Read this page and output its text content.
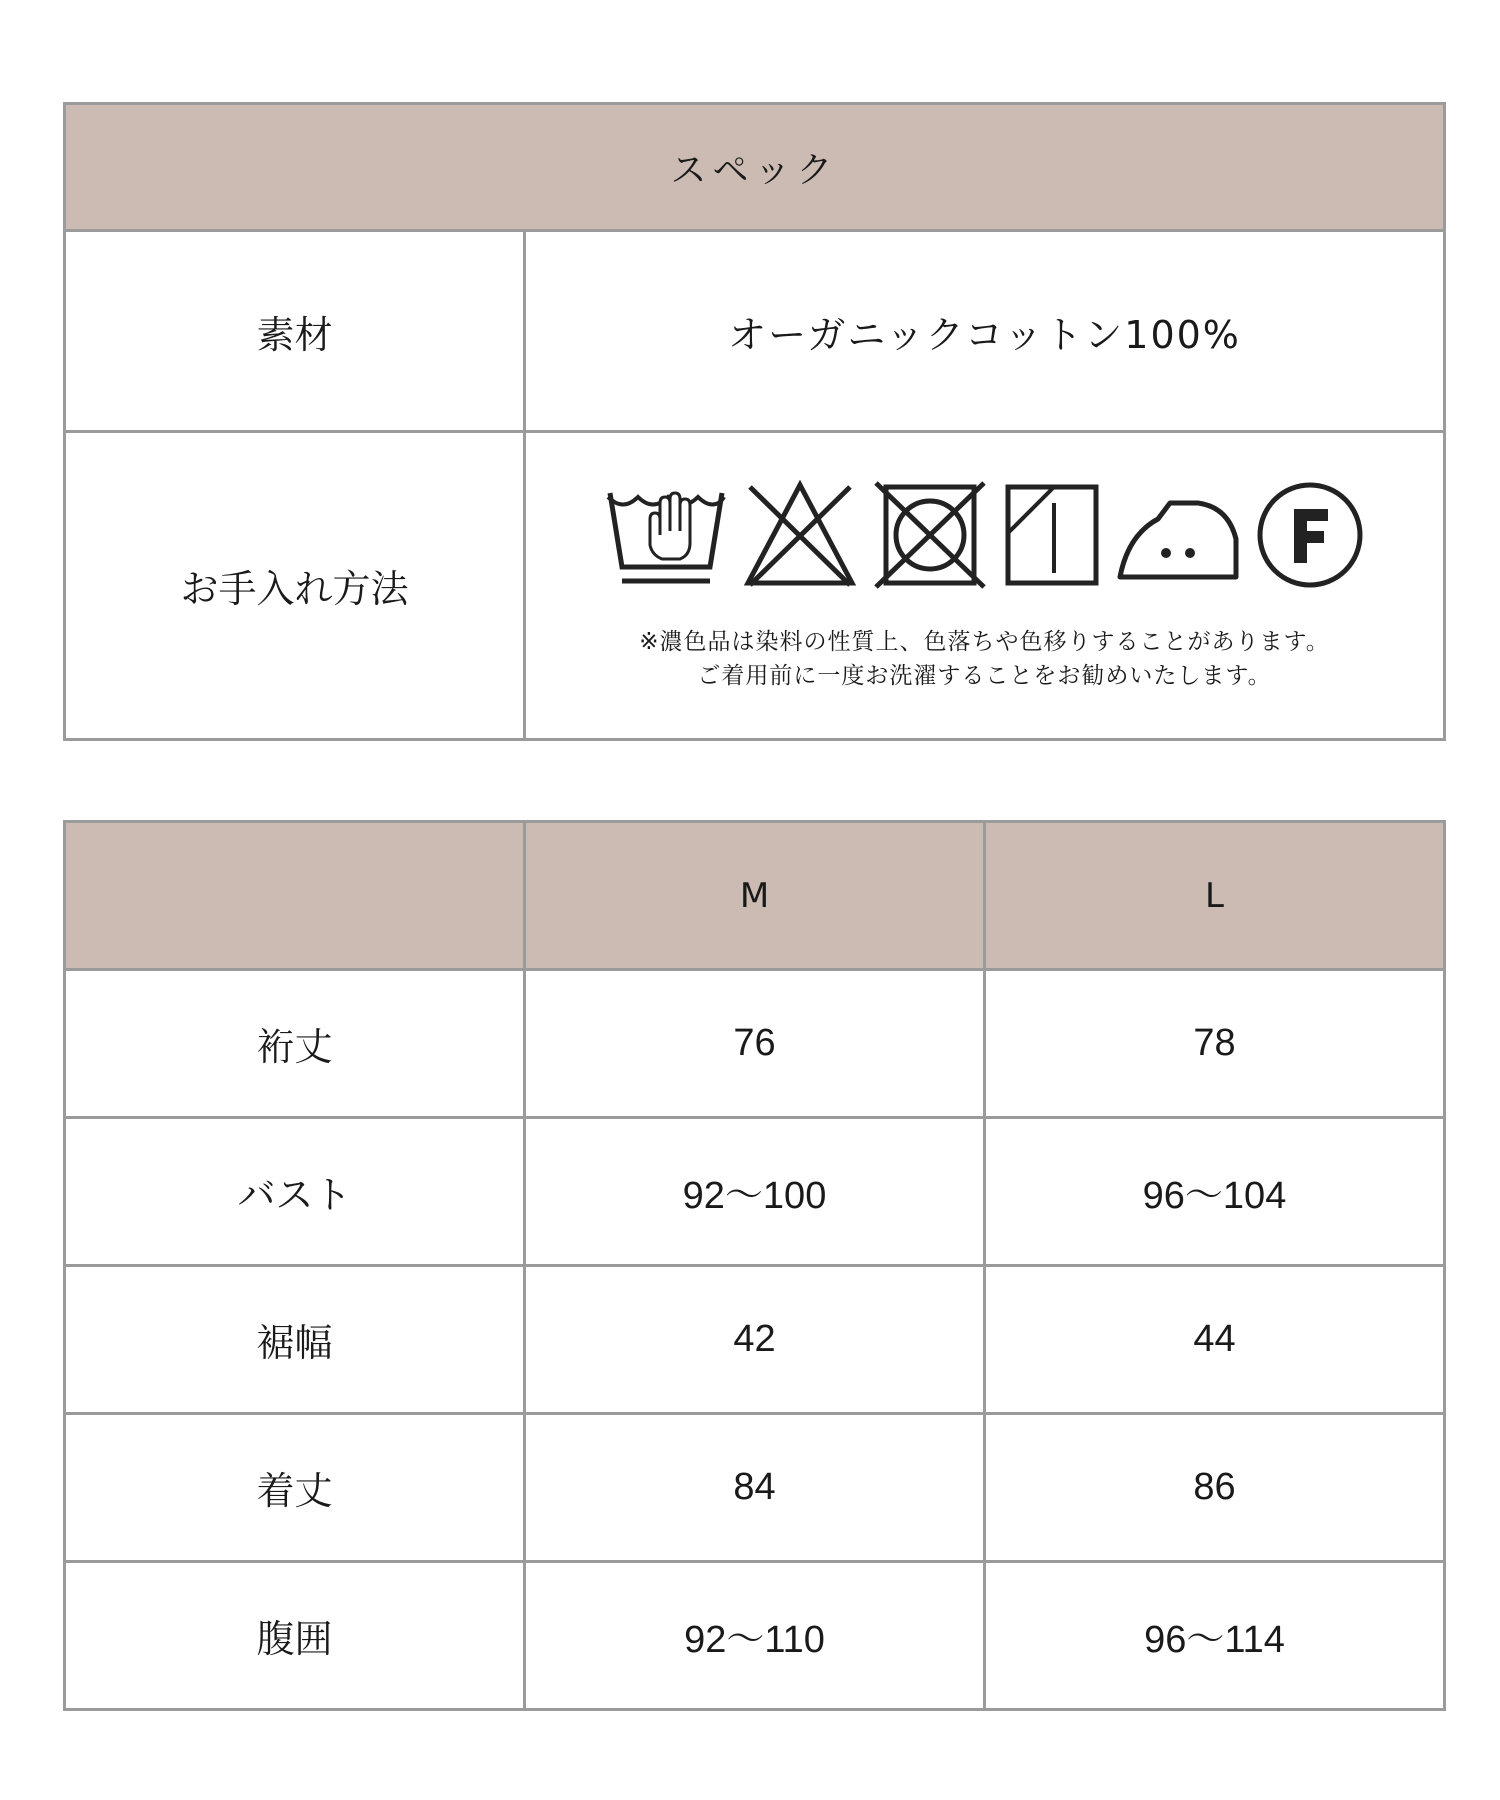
スペック	
素材	オーガニックコットン100%
お手入れ方法	※濃色品は染料の性質上、色落ちや色移りすることがあります。
ご着用前に一度お洗濯することをお勧めいたします。
	M	L
裄丈	76	78
バスト	92〜100	96〜104
裾幅	42	44
着丈	84	86
腹囲	92〜110	96〜114
